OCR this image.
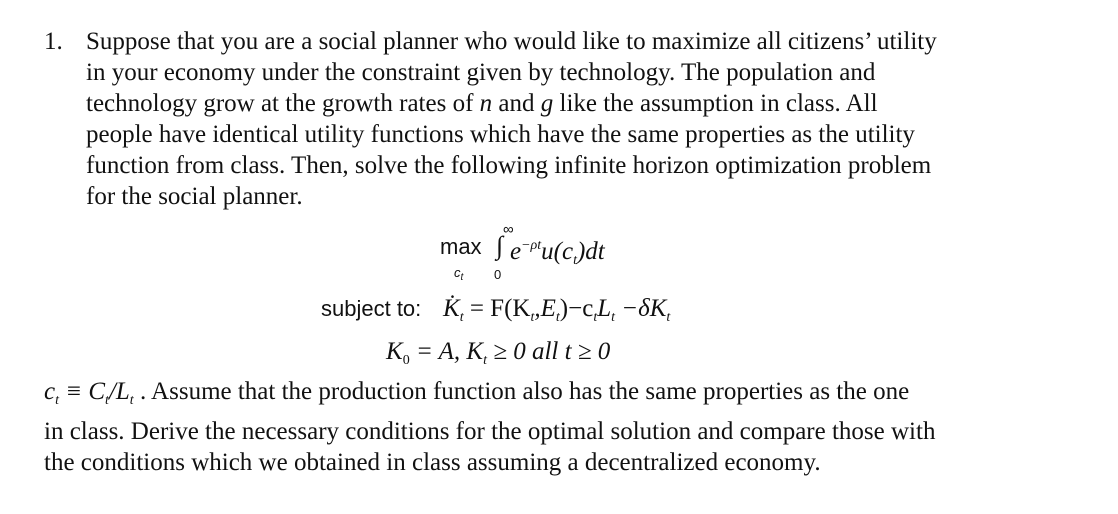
1. Suppose that you are a social planner who would like to maximize all citizens’ utility
in your economy under the constraint given by technology. The population and
technology grow at the growth rates of n and g like the assumption in class. All
people have identical utility functions which have the same properties as the utility
function from class. Then, solve the following infinite horizon optimization problem
for the social planner.
∞
max ∫ $e^{-\rho t}u(c_t)dt$
$c_t$ 0
subject to: $K̇_t = F(K_t,E_t)-c_tL_t -\delta K_t$
$K_0 = A$, $K_t \ge 0$ all t ≥ 0
$c_t \equiv C_t/L_t$ . Assume that the production function also has the same properties as the one
in class. Derive the necessary conditions for the optimal solution and compare those with
the conditions which we obtained in class assuming a decentralized economy.
